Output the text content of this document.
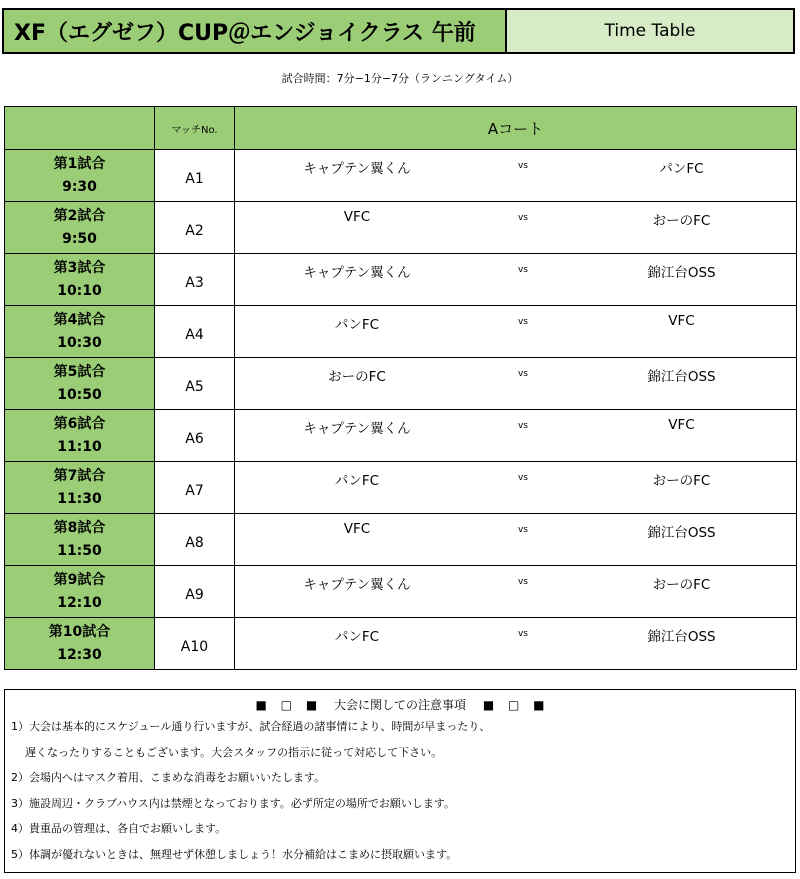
XF（エグゼフ）CUP＠エンジョイクラス 午前	Time Table
試合時間：7分−1分−7分（ランニングタイム）
	マッチNo.	Aコート

第1試合
9:30	A1	キャプテン翼くん vs パンFC

第2試合
9:50	A2	VFC vs おーのFC

第3試合
10:10	A3	キャプテン翼くん vs 錦江台OSS

第4試合
10:30	A4	パンFC vs VFC

第5試合
10:50	A5	おーのFC vs 錦江台OSS

第6試合
11:10	A6	キャプテン翼くん vs VFC

第7試合
11:30	A7	パンFC vs おーのFC

第8試合
11:50	A8	VFC vs 錦江台OSS

第9試合
12:10	A9	キャプテン翼くん vs おーのFC

第10試合
12:30	A10	パンFC vs 錦江台OSS
■ □ ■ 大会に関しての注意事項 ■ □ ■
1）大会は基本的にスケジュール通り行いますが、試合経過の諸事情により、時間が早まったり、
遅くなったりすることもございます。大会スタッフの指示に従って対応して下さい。
2）会場内へはマスク着用、こまめな消毒をお願いいたします。
3）施設周辺・クラブハウス内は禁煙となっております。必ず所定の場所でお願いします。
4）貴重品の管理は、各自でお願いします。
5）体調が優れないときは、無理せず休憩しましょう！水分補給はこまめに摂取願います。
